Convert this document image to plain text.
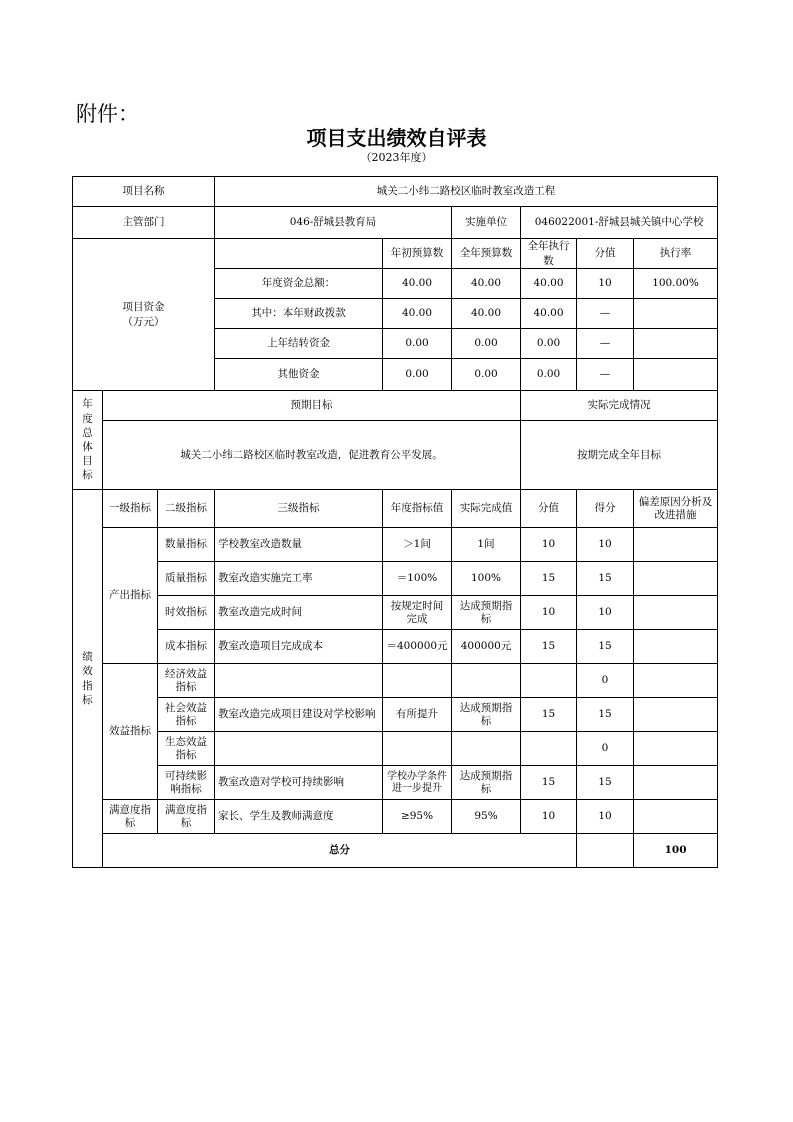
附件：
项目支出绩效自评表
（2023年度）
项目名称			城关二小纬二路校区临时教室改造工程						
主管部门			046-舒城县教育局		实施单位	046022001-舒城县城关镇中心学校			
项目资金
（万元）				年初预算数	全年预算数	全年执行数	分值	执行率	
			年度资金总额：	40.00	40.00	40.00	10	100.00%	
			其中：本年财政拨款	40.00	40.00	40.00	—		
			上年结转资金	0.00	0.00	0.00	—		
			其他资金	0.00	0.00	0.00	—		
年度总体目标	预期目标					实际完成情况			
	城关二小纬二路校区临时教室改造，促进教育公平发展。					按期完成全年目标			
绩效指标	一级指标	二级指标	三级指标	年度指标值	实际完成值	分值	得分	偏差原因分析及改进措施	
	产出指标	数量指标	学校教室改造数量	＞1间	1间	10	10		
		质量指标	教室改造实施完工率	＝100%	100%	15	15		
		时效指标	教室改造完成时间	按规定时间完成	达成预期指标	10	10		
		成本指标	教室改造项目完成成本	＝400000元	400000元	15	15		
	效益指标	经济效益指标					0		
		社会效益指标	教室改造完成项目建设对学校影响	有所提升	达成预期指标	15	15		
		生态效益指标					0		
		可持续影响指标	教室改造对学校可持续影响	学校办学条件进一步提升	达成预期指标	15	15		
	满意度指标	满意度指标	家长、学生及教师满意度	≥95%	95%	10	10		
	总分							100		
